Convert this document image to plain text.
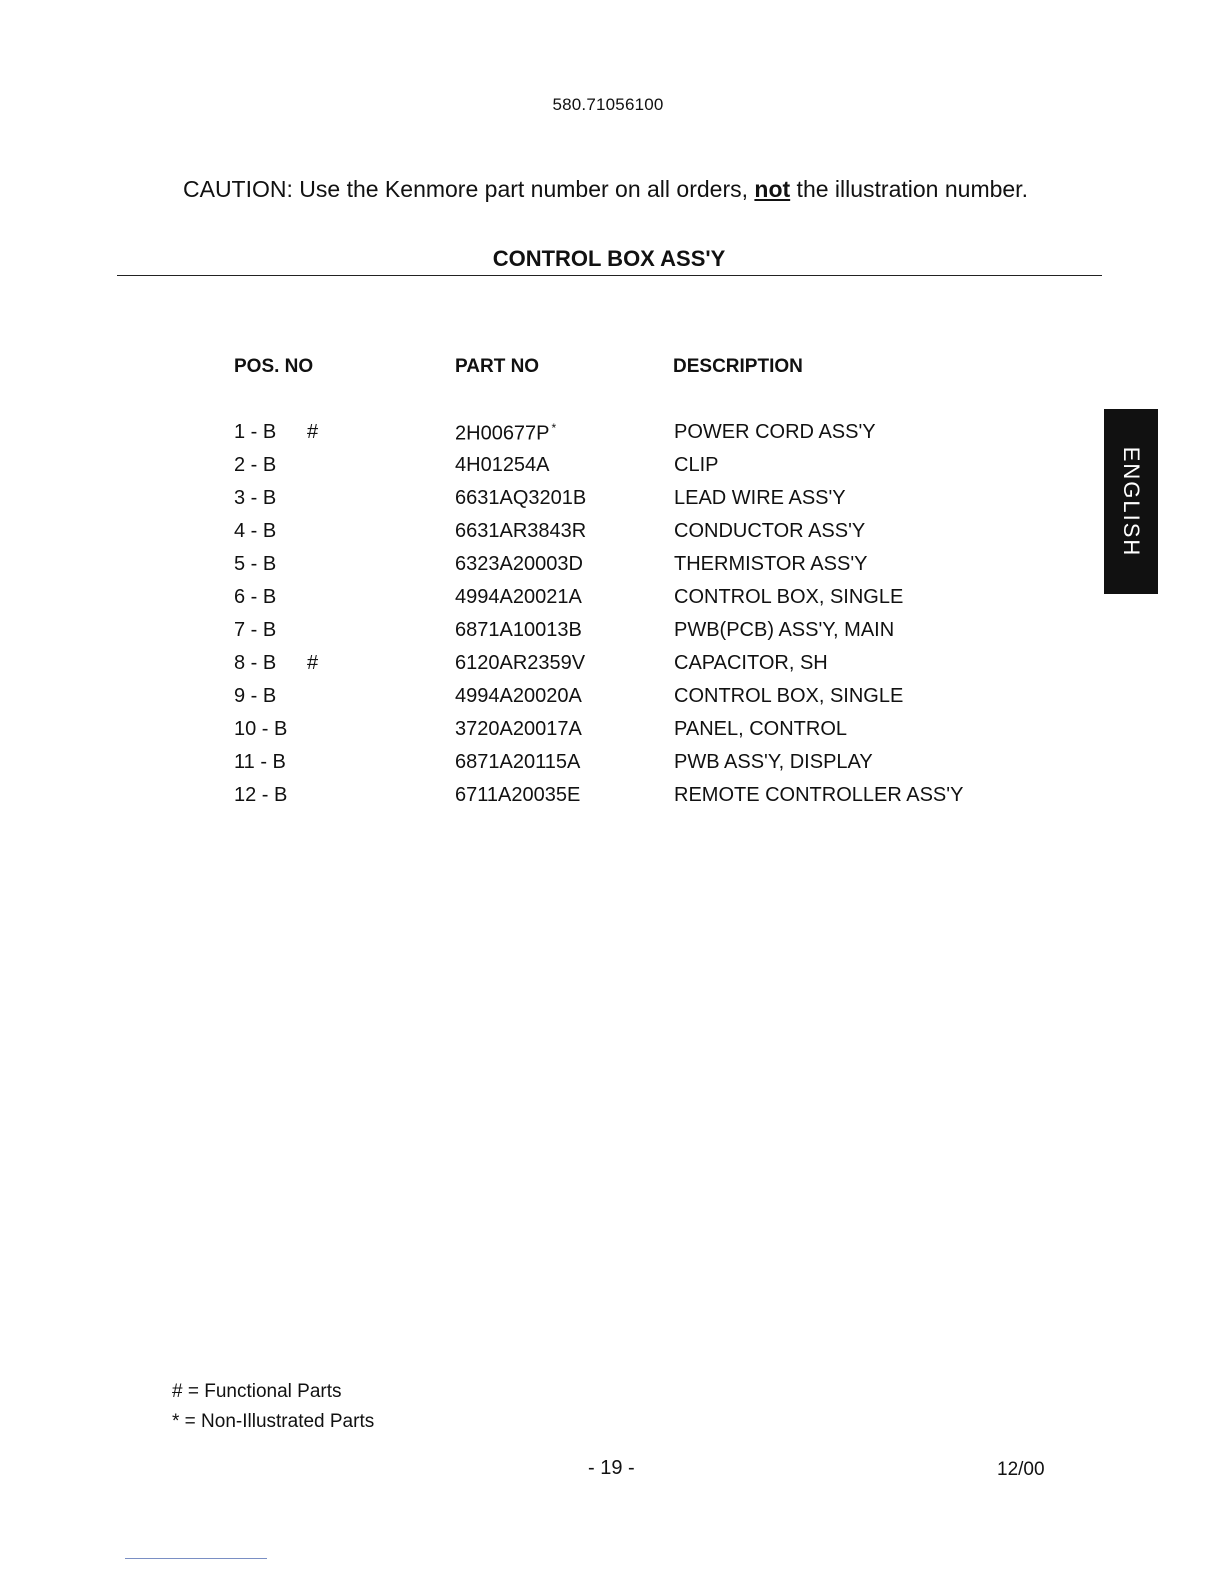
580.71056100
CAUTION: Use the Kenmore part number on all orders, not the illustration number.
CONTROL BOX ASS'Y
POS. NO	PART NO	DESCRIPTION
1 - B #	2H00677P *	POWER CORD ASS'Y
2 - B	4H01254A	CLIP
3 - B	6631AQ3201B	LEAD WIRE ASS'Y
4 - B	6631AR3843R	CONDUCTOR ASS'Y
5 - B	6323A20003D	THERMISTOR ASS'Y
6 - B	4994A20021A	CONTROL BOX, SINGLE
7 - B	6871A10013B	PWB(PCB) ASS'Y, MAIN
8 - B #	6120AR2359V	CAPACITOR, SH
9 - B	4994A20020A	CONTROL BOX, SINGLE
10 - B	3720A20017A	PANEL, CONTROL
11 - B	6871A20115A	PWB ASS'Y, DISPLAY
12 - B	6711A20035E	REMOTE CONTROLLER ASS'Y
ENGLISH
# = Functional Parts
* = Non-Illustrated Parts
- 19 -	12/00
